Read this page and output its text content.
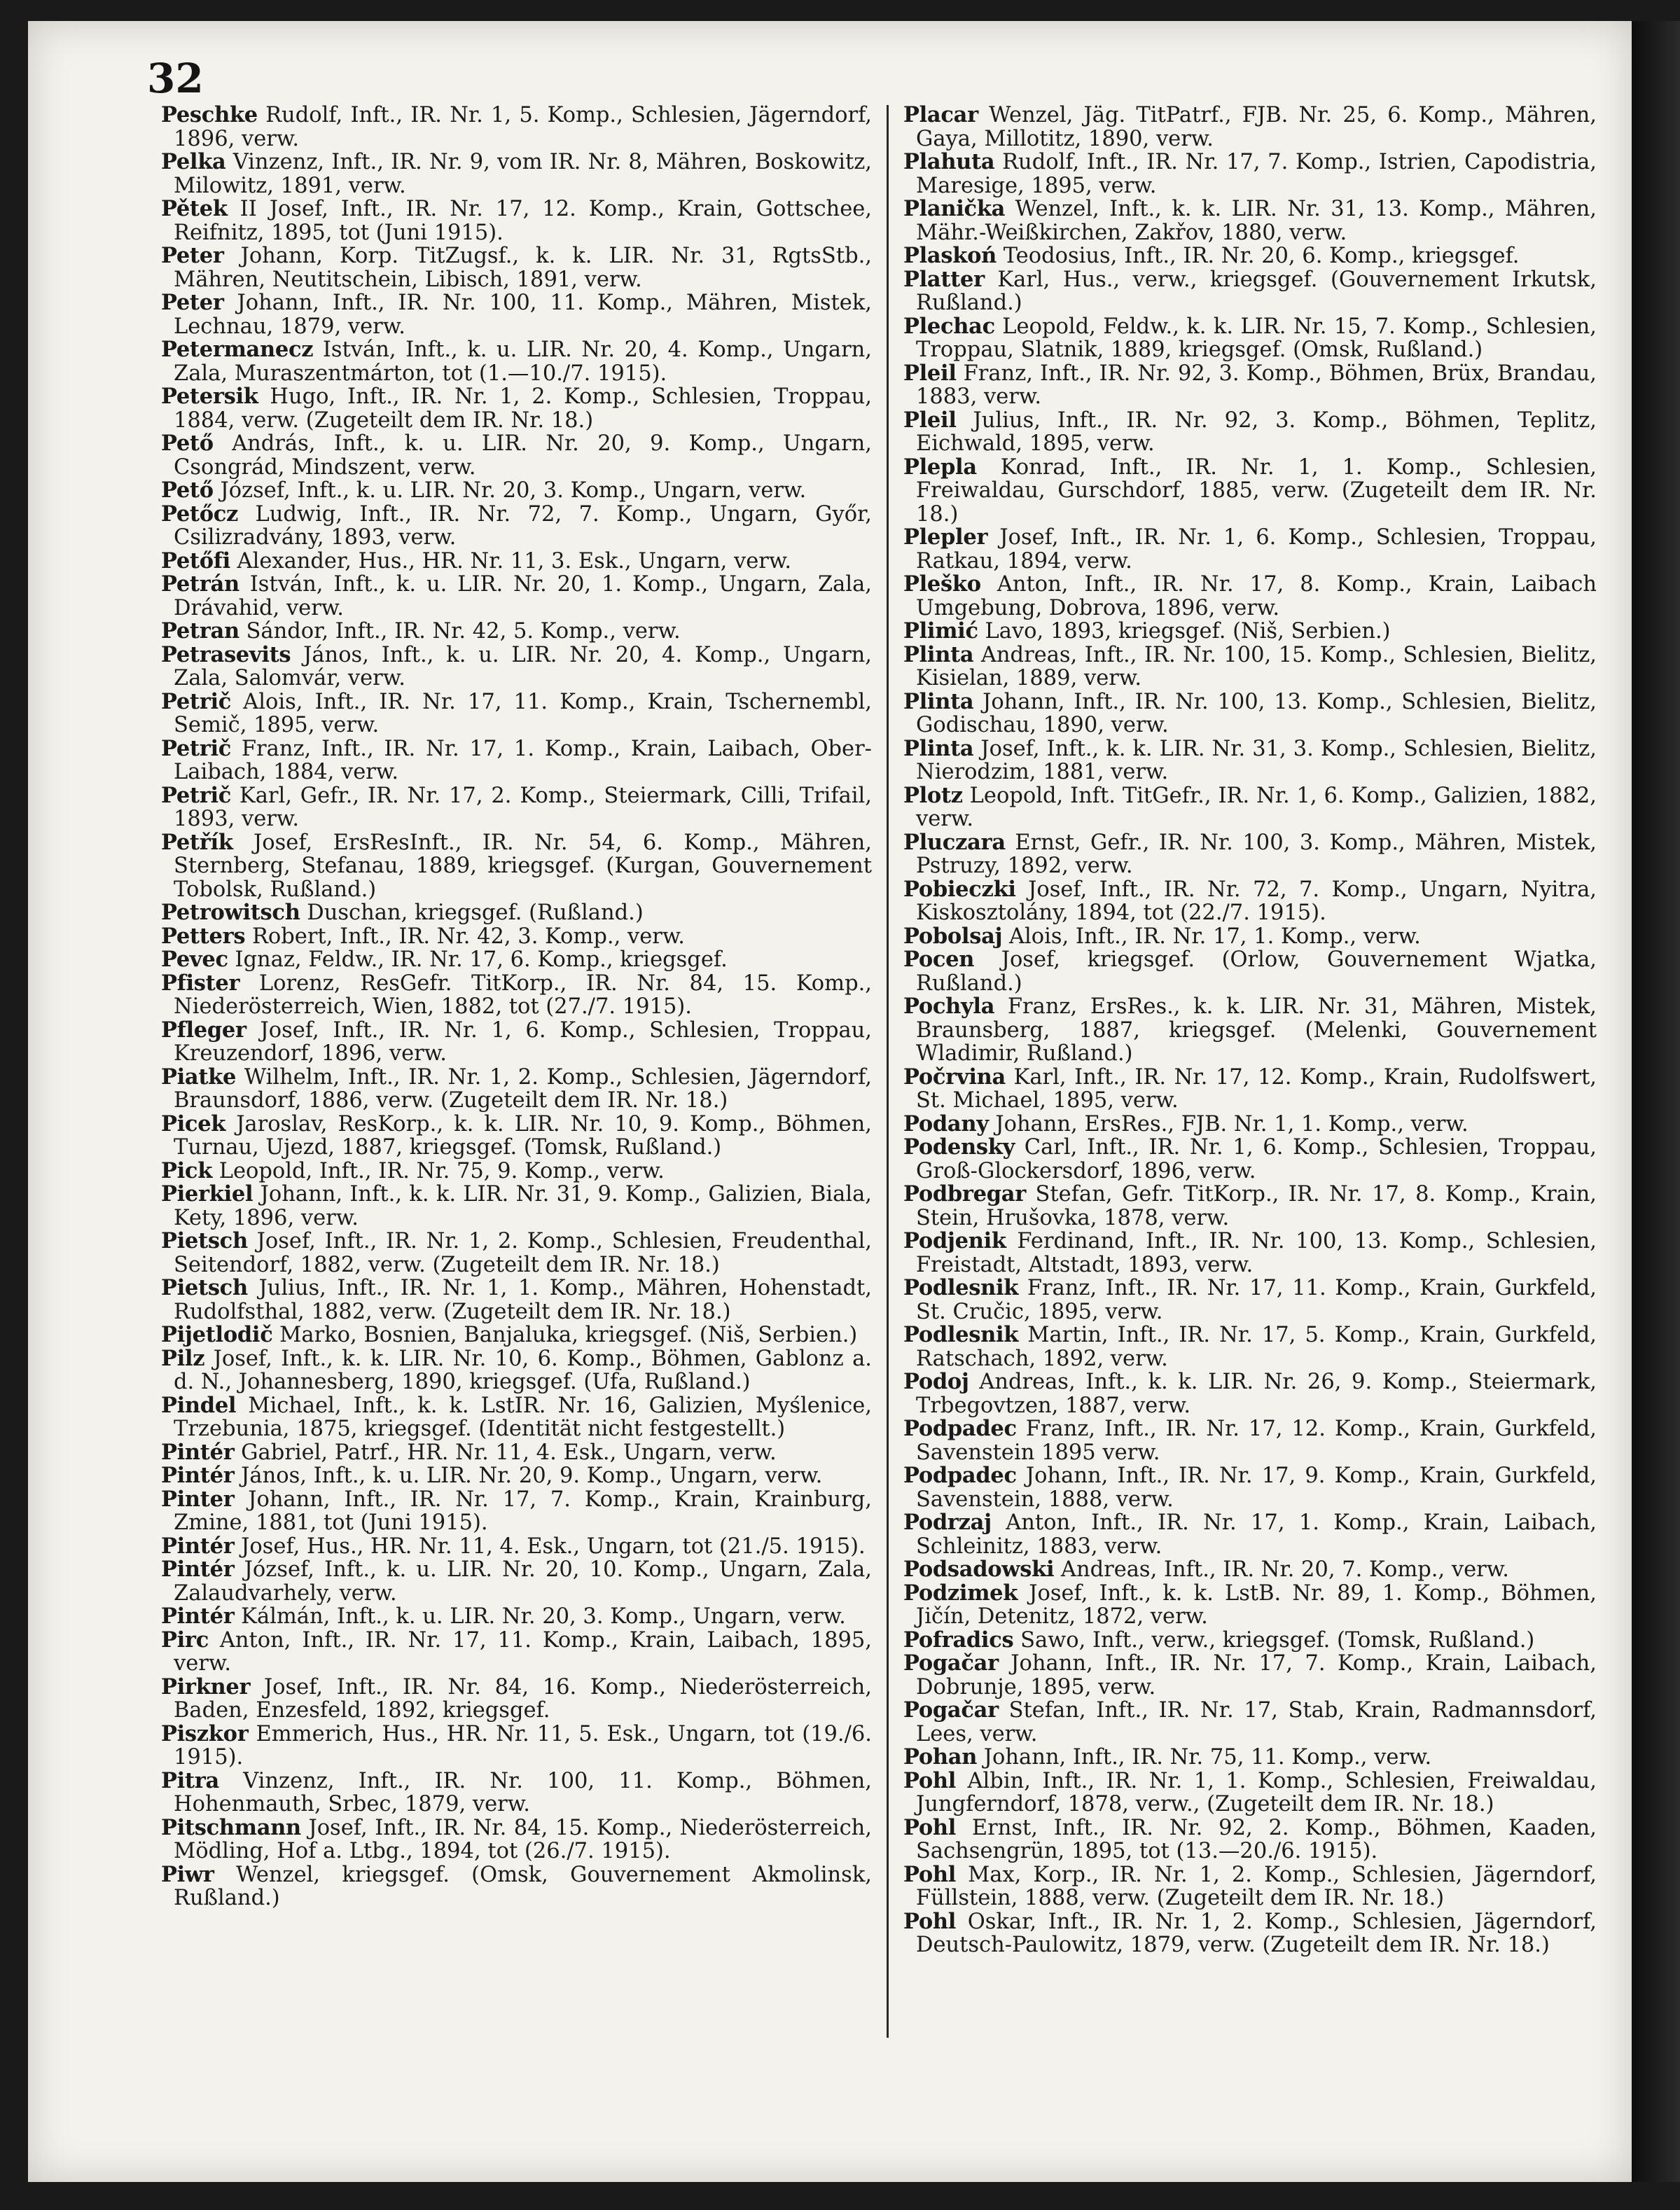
32

Peschke Rudolf, Inft., IR. Nr. 1, 5. Komp., Schlesien, Jägerndorf, 1896, verw.

Pelka Vinzenz, Inft., IR. Nr. 9, vom IR. Nr. 8, Mähren, Boskowitz, Milowitz, 1891, verw.

Pětek II Josef, Inft., IR. Nr. 17, 12. Komp., Krain, Gottschee, Reifnitz, 1895, tot (Juni 1915).

Peter Johann, Korp. TitZugsf., k. k. LIR. Nr. 31, RgtsStb., Mähren, Neutitschein, Libisch, 1891, verw.

Peter Johann, Inft., IR. Nr. 100, 11. Komp., Mähren, Mistek, Lechnau, 1879, verw.

Petermanecz István, Inft., k. u. LIR. Nr. 20, 4. Komp., Ungarn, Zala, Muraszentmárton, tot (1.—10./7. 1915).

Petersik Hugo, Inft., IR. Nr. 1, 2. Komp., Schlesien, Troppau, 1884, verw. (Zugeteilt dem IR. Nr. 18.)

Pető András, Inft., k. u. LIR. Nr. 20, 9. Komp., Ungarn, Csongrád, Mindszent, verw.

Pető József, Inft., k. u. LIR. Nr. 20, 3. Komp., Ungarn, verw.

Petőcz Ludwig, Inft., IR. Nr. 72, 7. Komp., Ungarn, Győr, Csilizradvány, 1893, verw.

Petőfi Alexander, Hus., HR. Nr. 11, 3. Esk., Ungarn, verw.

Petrán István, Inft., k. u. LIR. Nr. 20, 1. Komp., Ungarn, Zala, Drávahid, verw.

Petran Sándor, Inft., IR. Nr. 42, 5. Komp., verw.

Petrasevits János, Inft., k. u. LIR. Nr. 20, 4. Komp., Ungarn, Zala, Salomvár, verw.

Petrič Alois, Inft., IR. Nr. 17, 11. Komp., Krain, Tschernembl, Semič, 1895, verw.

Petrič Franz, Inft., IR. Nr. 17, 1. Komp., Krain, Laibach, Ober-Laibach, 1884, verw.

Petrič Karl, Gefr., IR. Nr. 17, 2. Komp., Steiermark, Cilli, Trifail, 1893, verw.

Petřík Josef, ErsResInft., IR. Nr. 54, 6. Komp., Mähren, Sternberg, Stefanau, 1889, kriegsgef. (Kurgan, Gouvernement Tobolsk, Rußland.)

Petrowitsch Duschan, kriegsgef. (Rußland.)

Petters Robert, Inft., IR. Nr. 42, 3. Komp., verw.

Pevec Ignaz, Feldw., IR. Nr. 17, 6. Komp., kriegsgef.

Pfister Lorenz, ResGefr. TitKorp., IR. Nr. 84, 15. Komp., Niederösterreich, Wien, 1882, tot (27./7. 1915).

Pfleger Josef, Inft., IR. Nr. 1, 6. Komp., Schlesien, Troppau, Kreuzendorf, 1896, verw.

Piatke Wilhelm, Inft., IR. Nr. 1, 2. Komp., Schlesien, Jägerndorf, Braunsdorf, 1886, verw. (Zugeteilt dem IR. Nr. 18.)

Picek Jaroslav, ResKorp., k. k. LIR. Nr. 10, 9. Komp., Böhmen, Turnau, Ujezd, 1887, kriegsgef. (Tomsk, Rußland.)

Pick Leopold, Inft., IR. Nr. 75, 9. Komp., verw.

Pierkiel Johann, Inft., k. k. LIR. Nr. 31, 9. Komp., Galizien, Biala, Kety, 1896, verw.

Pietsch Josef, Inft., IR. Nr. 1, 2. Komp., Schlesien, Freudenthal, Seitendorf, 1882, verw. (Zugeteilt dem IR. Nr. 18.)

Pietsch Julius, Inft., IR. Nr. 1, 1. Komp., Mähren, Hohenstadt, Rudolfsthal, 1882, verw. (Zugeteilt dem IR. Nr. 18.)

Pijetlodič Marko, Bosnien, Banjaluka, kriegsgef. (Niš, Serbien.)

Pilz Josef, Inft., k. k. LIR. Nr. 10, 6. Komp., Böhmen, Gablonz a. d. N., Johannesberg, 1890, kriegsgef. (Ufa, Rußland.)

Pindel Michael, Inft., k. k. LstIR. Nr. 16, Galizien, Myślenice, Trzebunia, 1875, kriegsgef. (Identität nicht festgestellt.)

Pintér Gabriel, Patrf., HR. Nr. 11, 4. Esk., Ungarn, verw.

Pintér János, Inft., k. u. LIR. Nr. 20, 9. Komp., Ungarn, verw.

Pinter Johann, Inft., IR. Nr. 17, 7. Komp., Krain, Krainburg, Zmine, 1881, tot (Juni 1915).

Pintér Josef, Hus., HR. Nr. 11, 4. Esk., Ungarn, tot (21./5. 1915).

Pintér József, Inft., k. u. LIR. Nr. 20, 10. Komp., Ungarn, Zala, Zalaudvarhely, verw.

Pintér Kálmán, Inft., k. u. LIR. Nr. 20, 3. Komp., Ungarn, verw.

Pirc Anton, Inft., IR. Nr. 17, 11. Komp., Krain, Laibach, 1895, verw.

Pirkner Josef, Inft., IR. Nr. 84, 16. Komp., Niederösterreich, Baden, Enzesfeld, 1892, kriegsgef.

Piszkor Emmerich, Hus., HR. Nr. 11, 5. Esk., Ungarn, tot (19./6. 1915).

Pitra Vinzenz, Inft., IR. Nr. 100, 11. Komp., Böhmen, Hohenmauth, Srbec, 1879, verw.

Pitschmann Josef, Inft., IR. Nr. 84, 15. Komp., Niederösterreich, Mödling, Hof a. Ltbg., 1894, tot (26./7. 1915).

Piwr Wenzel, kriegsgef. (Omsk, Gouvernement Akmolinsk, Rußland.)

Placar Wenzel, Jäg. TitPatrf., FJB. Nr. 25, 6. Komp., Mähren, Gaya, Millotitz, 1890, verw.

Plahuta Rudolf, Inft., IR. Nr. 17, 7. Komp., Istrien, Capodistria, Maresige, 1895, verw.

Planička Wenzel, Inft., k. k. LIR. Nr. 31, 13. Komp., Mähren, Mähr.-Weißkirchen, Zakřov, 1880, verw.

Plaskoń Teodosius, Inft., IR. Nr. 20, 6. Komp., kriegsgef.

Platter Karl, Hus., verw., kriegsgef. (Gouvernement Irkutsk, Rußland.)

Plechac Leopold, Feldw., k. k. LIR. Nr. 15, 7. Komp., Schlesien, Troppau, Slatnik, 1889, kriegsgef. (Omsk, Rußland.)

Pleil Franz, Inft., IR. Nr. 92, 3. Komp., Böhmen, Brüx, Brandau, 1883, verw.

Pleil Julius, Inft., IR. Nr. 92, 3. Komp., Böhmen, Teplitz, Eichwald, 1895, verw.

Plepla Konrad, Inft., IR. Nr. 1, 1. Komp., Schlesien, Freiwaldau, Gurschdorf, 1885, verw. (Zugeteilt dem IR. Nr. 18.)

Plepler Josef, Inft., IR. Nr. 1, 6. Komp., Schlesien, Troppau, Ratkau, 1894, verw.

Pleško Anton, Inft., IR. Nr. 17, 8. Komp., Krain, Laibach Umgebung, Dobrova, 1896, verw.

Plimić Lavo, 1893, kriegsgef. (Niš, Serbien.)

Plinta Andreas, Inft., IR. Nr. 100, 15. Komp., Schlesien, Bielitz, Kisielan, 1889, verw.

Plinta Johann, Inft., IR. Nr. 100, 13. Komp., Schlesien, Bielitz, Godischau, 1890, verw.

Plinta Josef, Inft., k. k. LIR. Nr. 31, 3. Komp., Schlesien, Bielitz, Nierodzim, 1881, verw.

Plotz Leopold, Inft. TitGefr., IR. Nr. 1, 6. Komp., Galizien, 1882, verw.

Pluczara Ernst, Gefr., IR. Nr. 100, 3. Komp., Mähren, Mistek, Pstruzy, 1892, verw.

Pobieczki Josef, Inft., IR. Nr. 72, 7. Komp., Ungarn, Nyitra, Kiskosztolány, 1894, tot (22./7. 1915).

Pobolsaj Alois, Inft., IR. Nr. 17, 1. Komp., verw.

Pocen Josef, kriegsgef. (Orlow, Gouvernement Wjatka, Rußland.)

Pochyla Franz, ErsRes., k. k. LIR. Nr. 31, Mähren, Mistek, Braunsberg, 1887, kriegsgef. (Melenki, Gouvernement Wladimir, Rußland.)

Počrvina Karl, Inft., IR. Nr. 17, 12. Komp., Krain, Rudolfswert, St. Michael, 1895, verw.

Podany Johann, ErsRes., FJB. Nr. 1, 1. Komp., verw.

Podensky Carl, Inft., IR. Nr. 1, 6. Komp., Schlesien, Troppau, Groß-Glockersdorf, 1896, verw.

Podbregar Stefan, Gefr. TitKorp., IR. Nr. 17, 8. Komp., Krain, Stein, Hrušovka, 1878, verw.

Podjenik Ferdinand, Inft., IR. Nr. 100, 13. Komp., Schlesien, Freistadt, Altstadt, 1893, verw.

Podlesnik Franz, Inft., IR. Nr. 17, 11. Komp., Krain, Gurkfeld, St. Cručic, 1895, verw.

Podlesnik Martin, Inft., IR. Nr. 17, 5. Komp., Krain, Gurkfeld, Ratschach, 1892, verw.

Podoj Andreas, Inft., k. k. LIR. Nr. 26, 9. Komp., Steiermark, Trbegovtzen, 1887, verw.

Podpadec Franz, Inft., IR. Nr. 17, 12. Komp., Krain, Gurkfeld, Savenstein 1895 verw.

Podpadec Johann, Inft., IR. Nr. 17, 9. Komp., Krain, Gurkfeld, Savenstein, 1888, verw.

Podrzaj Anton, Inft., IR. Nr. 17, 1. Komp., Krain, Laibach, Schleinitz, 1883, verw.

Podsadowski Andreas, Inft., IR. Nr. 20, 7. Komp., verw.

Podzimek Josef, Inft., k. k. LstB. Nr. 89, 1. Komp., Böhmen, Jičín, Detenitz, 1872, verw.

Pofradics Sawo, Inft., verw., kriegsgef. (Tomsk, Rußland.)

Pogačar Johann, Inft., IR. Nr. 17, 7. Komp., Krain, Laibach, Dobrunje, 1895, verw.

Pogačar Stefan, Inft., IR. Nr. 17, Stab, Krain, Radmannsdorf, Lees, verw.

Pohan Johann, Inft., IR. Nr. 75, 11. Komp., verw.

Pohl Albin, Inft., IR. Nr. 1, 1. Komp., Schlesien, Freiwaldau, Jungferndorf, 1878, verw., (Zugeteilt dem IR. Nr. 18.)

Pohl Ernst, Inft., IR. Nr. 92, 2. Komp., Böhmen, Kaaden, Sachsengrün, 1895, tot (13.—20./6. 1915).

Pohl Max, Korp., IR. Nr. 1, 2. Komp., Schlesien, Jägerndorf, Füllstein, 1888, verw. (Zugeteilt dem IR. Nr. 18.)

Pohl Oskar, Inft., IR. Nr. 1, 2. Komp., Schlesien, Jägerndorf, Deutsch-Paulowitz, 1879, verw. (Zugeteilt dem IR. Nr. 18.)
